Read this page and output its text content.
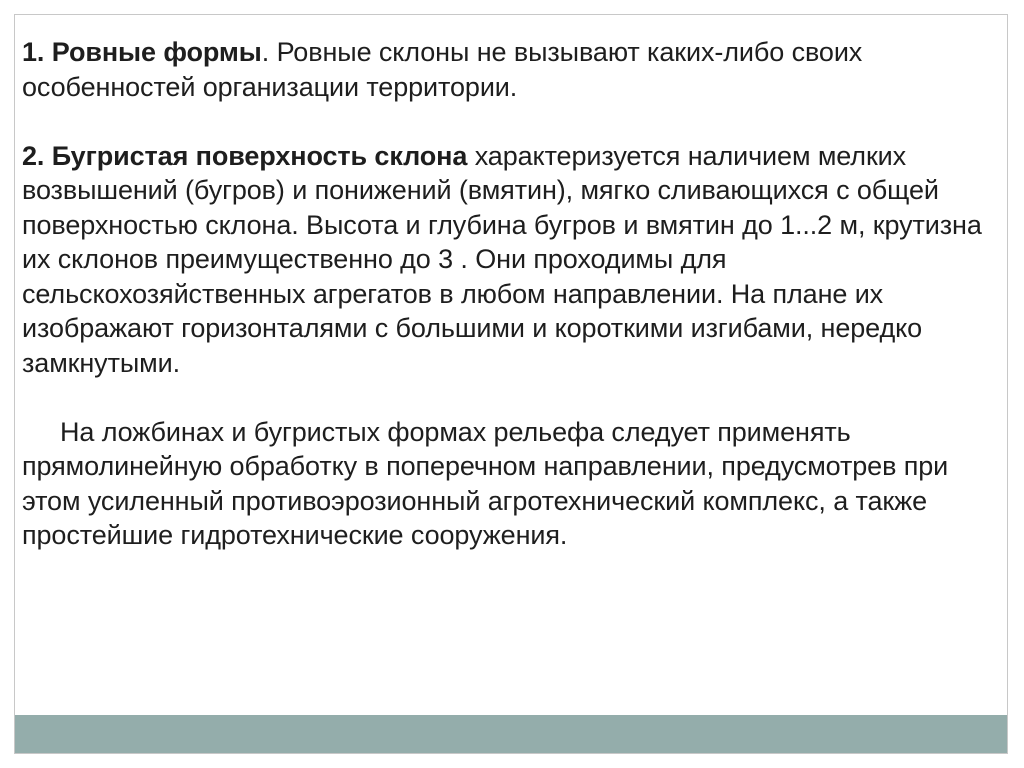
1. Ровные формы. Ровные склоны не вызывают каких-либо своих особенностей организации территории.

2. Бугристая поверхность склона характеризуется наличием мелких возвышений (бугров) и понижений (вмятин), мягко сливающихся с общей поверхностью склона. Высота и глубина бугров и вмятин до 1...2 м, крутизна их склонов преимущественно до 3 . Они проходимы для сельскохозяйственных агрегатов в любом направлении. На плане их изображают горизонталями с большими и короткими изгибами, нередко замкнутыми.

На ложбинах и бугристых формах рельефа следует применять прямолинейную обработку в поперечном направлении, предусмотрев при этом усиленный противоэрозионный агротехнический комплекс, а также простейшие гидротехнические сооружения.
